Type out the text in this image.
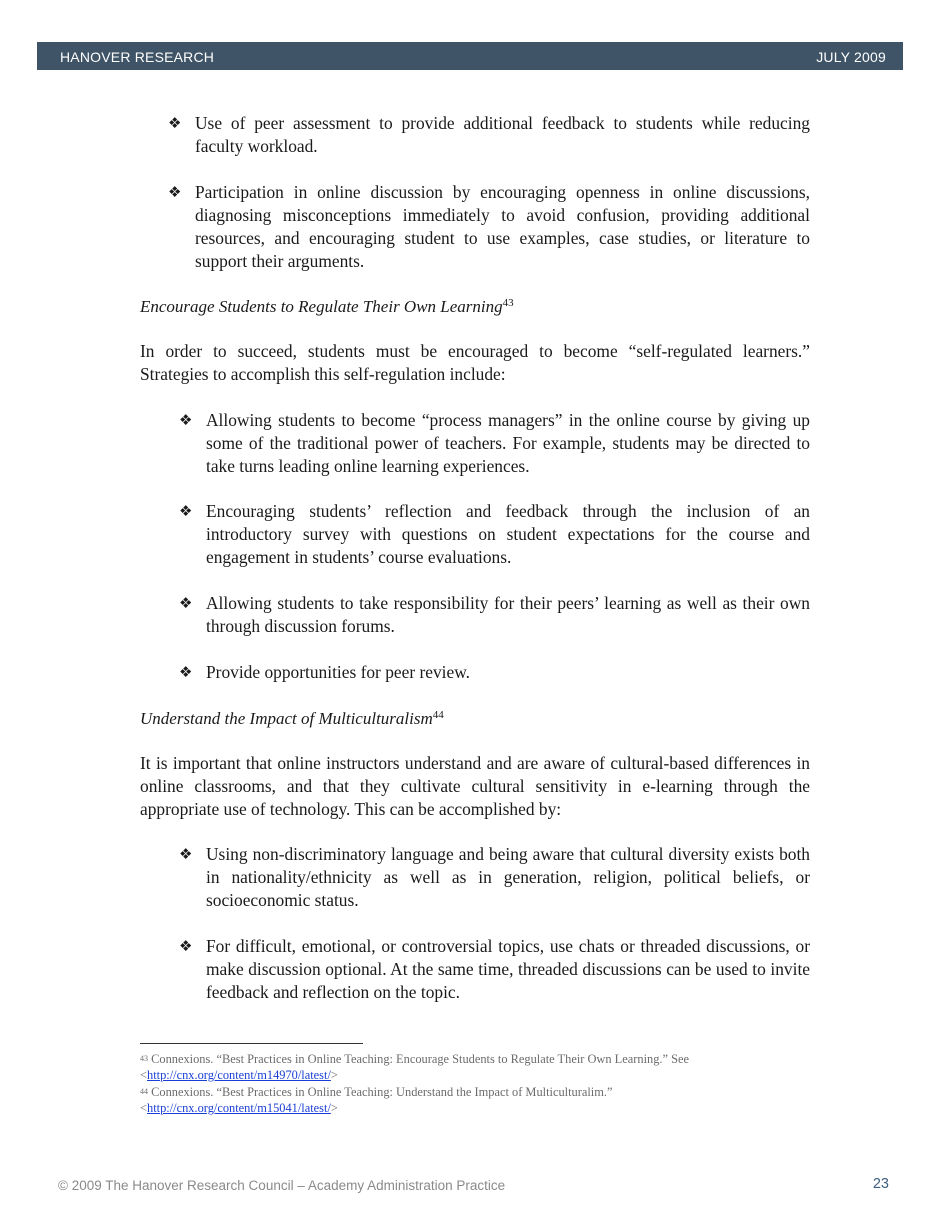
HANOVER RESEARCH	JULY 2009
❖ Use of peer assessment to provide additional feedback to students while reducing faculty workload.
❖ Participation in online discussion by encouraging openness in online discussions, diagnosing misconceptions immediately to avoid confusion, providing additional resources, and encouraging student to use examples, case studies, or literature to support their arguments.
Encourage Students to Regulate Their Own Learning$^{43}$
In order to succeed, students must be encouraged to become “self-regulated learners.” Strategies to accomplish this self-regulation include:
❖ Allowing students to become “process managers” in the online course by giving up some of the traditional power of teachers. For example, students may be directed to take turns leading online learning experiences.
❖ Encouraging students’ reflection and feedback through the inclusion of an introductory survey with questions on student expectations for the course and engagement in students’ course evaluations.
❖ Allowing students to take responsibility for their peers’ learning as well as their own through discussion forums.
❖ Provide opportunities for peer review.
Understand the Impact of Multiculturalism$^{44}$
It is important that online instructors understand and are aware of cultural-based differences in online classrooms, and that they cultivate cultural sensitivity in e-learning through the appropriate use of technology. This can be accomplished by:
❖ Using non-discriminatory language and being aware that cultural diversity exists both in nationality/ethnicity as well as in generation, religion, political beliefs, or socioeconomic status.
❖ For difficult, emotional, or controversial topics, use chats or threaded discussions, or make discussion optional. At the same time, threaded discussions can be used to invite feedback and reflection on the topic.
$^{43}$ Connexions. “Best Practices in Online Teaching: Encourage Students to Regulate Their Own Learning.” See
<http://cnx.org/content/m14970/latest/>
$^{44}$ Connexions. “Best Practices in Online Teaching: Understand the Impact of Multiculturalim.”
<http://cnx.org/content/m15041/latest/>
© 2009 The Hanover Research Council – Academy Administration Practice	23
